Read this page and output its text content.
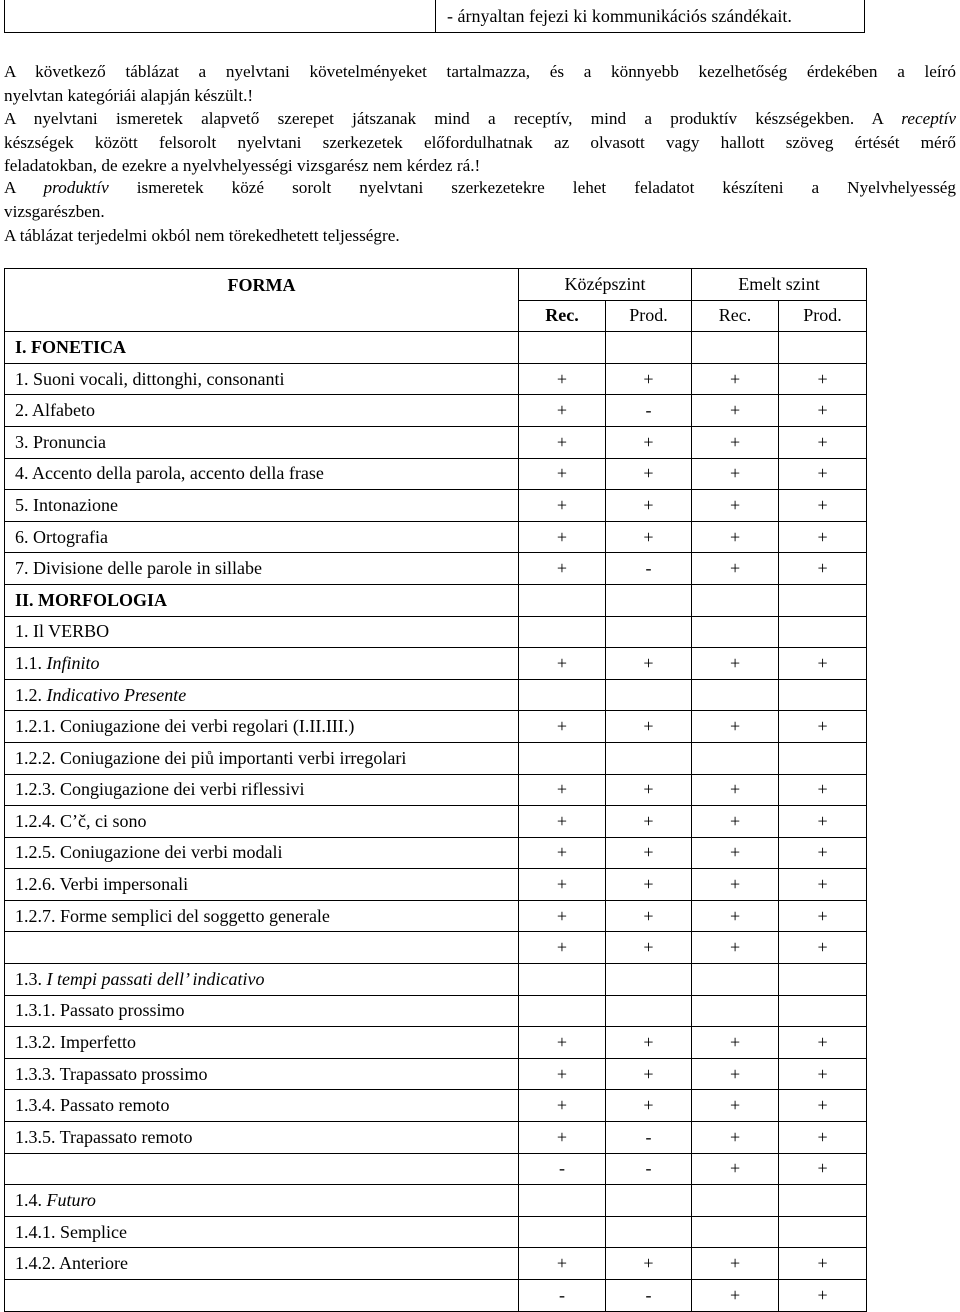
- árnyaltan fejezi ki kommunikációs szándékait.
A következő táblázat a nyelvtani követelményeket tartalmazza, és a könnyebb kezelhetőség érdekében a leíró
nyelvtan kategóriái alapján készült.!
A nyelvtani ismeretek alapvető szerepet játszanak mind a receptív, mind a produktív készségekben. A receptív
készségek között felsorolt nyelvtani szerkezetek előfordulhatnak az olvasott vagy hallott szöveg értését mérő
feladatokban, de ezekre a nyelvhelyességi vizsgarész nem kérdez rá.!
A produktív ismeretek közé sorolt nyelvtani szerkezetekre lehet feladatot készíteni a Nyelvhelyesség
vizsgarészben.
A táblázat terjedelmi okból nem törekedhetett teljességre.
FORMA	Középszint		Emelt szint	
	Rec.	Prod.	Rec.	Prod.
I. FONETICA				
1. Suoni vocali, dittonghi, consonanti	+	+	+	+
2. Alfabeto	+	-	+	+
3. Pronuncia	+	+	+	+
4. Accento della parola, accento della frase	+	+	+	+
5. Intonazione	+	+	+	+
6. Ortografia	+	+	+	+
7. Divisione delle parole in sillabe	+	-	+	+
II. MORFOLOGIA				
1. Il VERBO				
1.1. Infinito	+	+	+	+
1.2. Indicativo Presente				
1.2.1. Coniugazione dei verbi regolari (I.II.III.)	+	+	+	+
1.2.2. Coniugazione dei piů importanti verbi irregolari				
1.2.3. Congiugazione dei verbi riflessivi	+	+	+	+
1.2.4. C’č, ci sono	+	+	+	+
1.2.5. Coniugazione dei verbi modali	+	+	+	+
1.2.6. Verbi impersonali	+	+	+	+
1.2.7. Forme semplici del soggetto generale	+	+	+	+
	+	+	+	+
1.3. I tempi passati dell’ indicativo				
1.3.1. Passato prossimo				
1.3.2. Imperfetto	+	+	+	+
1.3.3. Trapassato prossimo	+	+	+	+
1.3.4. Passato remoto	+	+	+	+
1.3.5. Trapassato remoto	+	-	+	+
	-	-	+	+
1.4. Futuro				
1.4.1. Semplice				
1.4.2. Anteriore	+	+	+	+
	-	-	+	+
